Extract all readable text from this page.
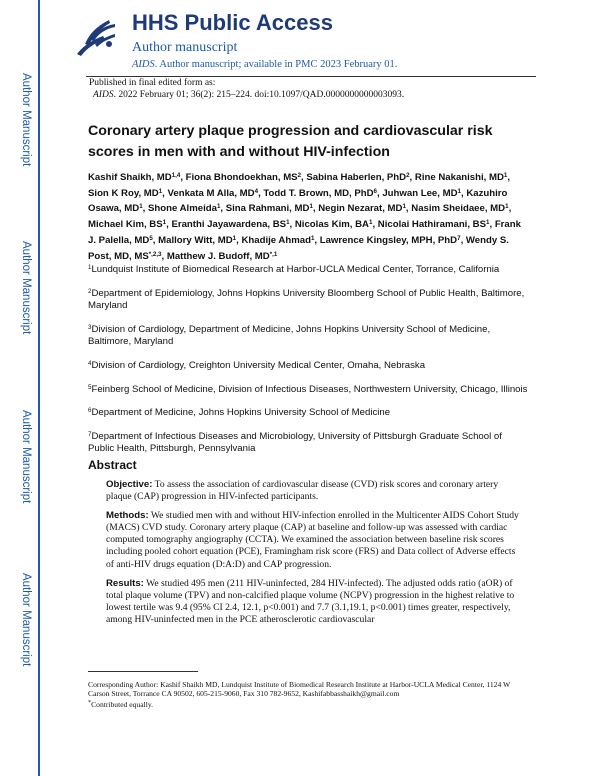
Author Manuscript
Author Manuscript
Author Manuscript
Author Manuscript
HHS Public Access
Author manuscript
AIDS. Author manuscript; available in PMC 2023 February 01.
Published in final edited form as:
AIDS. 2022 February 01; 36(2): 215–224. doi:10.1097/QAD.0000000000003093.
Coronary artery plaque progression and cardiovascular risk scores in men with and without HIV-infection
Kashif Shaikh, MD$^{1,4}$, Fiona Bhondoekhan, $MS^2$, Sabina Haberlen, PhD$^2$, Rine Nakanishi, $MD^1$, Sion K Roy, $MD^1$, Venkata M Alla, $MD^4$, Todd T. Brown, MD, PhD$^6$, Juhwan Lee, $MD^1$, Kazuhiro Osawa, $MD^1$, Shone Almeida$^1$, Sina Rahmani, $MD^1$, Negin Nezarat, $MD^1$, Nasim Sheidaee, $MD^1$, Michael Kim, $BS^1$, Eranthi Jayawardena, $BS^1$, Nicolas Kim, $BA^1$, Nicolai Hathiramani, $BS^1$, Frank J. Palella, $MD^5$, Mallory Witt, $MD^1$, Khadije Ahmad$^1$, Lawrence Kingsley, MPH, PhD$^7$, Wendy S. Post, MD, $MS^{*,2,3}$, Matthew J. Budoff, $MD^{*,1}$
$^1$Lundquist Institute of Biomedical Research at Harbor-UCLA Medical Center, Torrance, California
$^2$Department of Epidemiology, Johns Hopkins University Bloomberg School of Public Health, Baltimore, Maryland
$^3$Division of Cardiology, Department of Medicine, Johns Hopkins University School of Medicine, Baltimore, Maryland
$^4$Division of Cardiology, Creighton University Medical Center, Omaha, Nebraska
$^5$Feinberg School of Medicine, Division of Infectious Diseases, Northwestern University, Chicago, Illinois
$^6$Department of Medicine, Johns Hopkins University School of Medicine
$^7$Department of Infectious Diseases and Microbiology, University of Pittsburgh Graduate School of Public Health, Pittsburgh, Pennsylvania
Abstract

Objective: To assess the association of cardiovascular disease (CVD) risk scores and coronary artery plaque (CAP) progression in HIV-infected participants.

Methods: We studied men with and without HIV-infection enrolled in the Multicenter AIDS Cohort Study (MACS) CVD study. Coronary artery plaque (CAP) at baseline and follow-up was assessed with cardiac computed tomography angiography (CCTA). We examined the association between baseline risk scores including pooled cohort equation (PCE), Framingham risk score (FRS) and Data collect of Adverse effects of anti-HIV drugs equation (D:A:D) and CAP progression.

Results: We studied 495 men (211 HIV-uninfected, 284 HIV-infected). The adjusted odds ratio (aOR) of total plaque volume (TPV) and non-calcified plaque volume (NCPV) progression in the highest relative to lowest tertile was 9.4 (95% CI 2.4, 12.1, p<0.001) and 7.7 (3.1,19.1, p<0.001) times greater, respectively, among HIV-uninfected men in the PCE atherosclerotic cardiovascular

Corresponding Author: Kashif Shaikh MD, Lundquist Institute of Biomedical Research Institute at Harbor-UCLA Medical Center, 1124 W Carson Street, Torrance CA 90502, 605-215-9060, Fax 310 782-9652, Kashifabbasshaikh@gmail.com
*Contributed equally.
